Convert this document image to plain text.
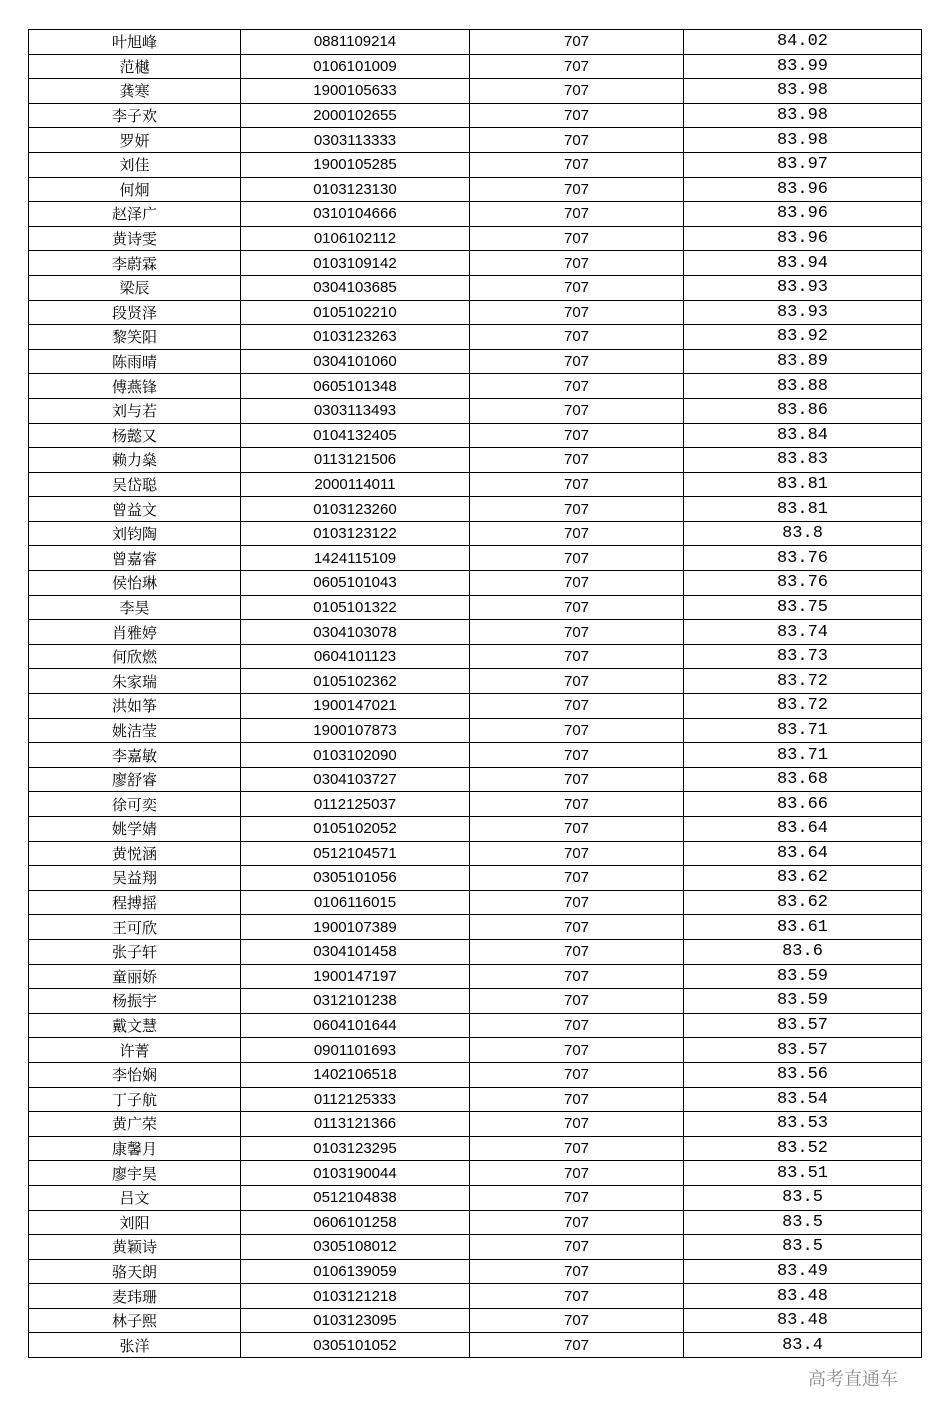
叶旭峰	0881109214	707	84.02
范樾	0106101009	707	83.99
龚寒	1900105633	707	83.98
李子欢	2000102655	707	83.98
罗妍	0303113333	707	83.98
刘佳	1900105285	707	83.97
何炯	0103123130	707	83.96
赵泽广	0310104666	707	83.96
黄诗雯	0106102112	707	83.96
李蔚霖	0103109142	707	83.94
梁辰	0304103685	707	83.93
段贤泽	0105102210	707	83.93
黎笑阳	0103123263	707	83.92
陈雨晴	0304101060	707	83.89
傅燕锋	0605101348	707	83.88
刘与若	0303113493	707	83.86
杨懿又	0104132405	707	83.84
赖力燊	0113121506	707	83.83
吴岱聪	2000114011	707	83.81
曾益文	0103123260	707	83.81
刘钧陶	0103123122	707	83.8
曾嘉睿	1424115109	707	83.76
侯怡琳	0605101043	707	83.76
李昊	0105101322	707	83.75
肖雅婷	0304103078	707	83.74
何欣燃	0604101123	707	83.73
朱家瑞	0105102362	707	83.72
洪如筝	1900147021	707	83.72
姚洁莹	1900107873	707	83.71
李嘉敏	0103102090	707	83.71
廖舒睿	0304103727	707	83.68
徐可奕	0112125037	707	83.66
姚学婧	0105102052	707	83.64
黄悦涵	0512104571	707	83.64
吴益翔	0305101056	707	83.62
程搏摇	0106116015	707	83.62
王可欣	1900107389	707	83.61
张子轩	0304101458	707	83.6
童丽娇	1900147197	707	83.59
杨振宇	0312101238	707	83.59
戴文慧	0604101644	707	83.57
许菁	0901101693	707	83.57
李怡娴	1402106518	707	83.56
丁子航	0112125333	707	83.54
黄广荣	0113121366	707	83.53
康馨月	0103123295	707	83.52
廖宇昊	0103190044	707	83.51
吕文	0512104838	707	83.5
刘阳	0606101258	707	83.5
黄颖诗	0305108012	707	83.5
骆天朗	0106139059	707	83.49
麦玮珊	0103121218	707	83.48
林子熙	0103123095	707	83.48
张洋	0305101052	707	83.4
高考直通车
